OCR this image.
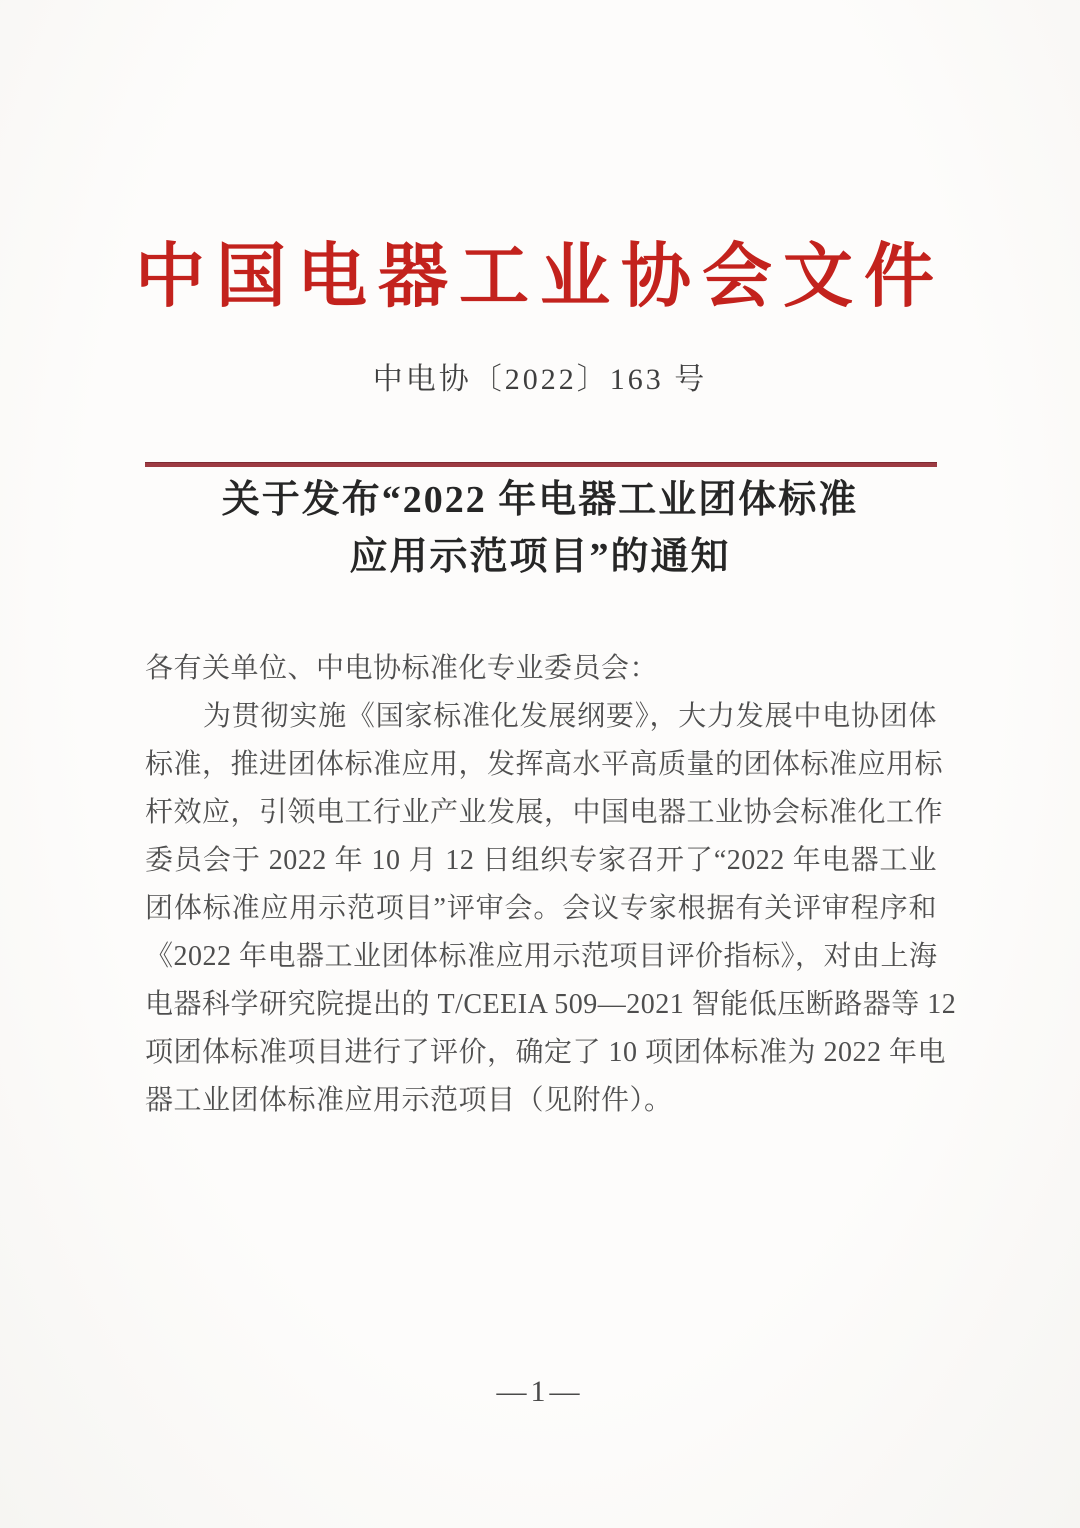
中国电器工业协会文件
中电协〔2022〕163 号
关于发布“2022 年电器工业团体标准
应用示范项目”的通知
各有关单位、中电协标准化专业委员会：
为贯彻实施《国家标准化发展纲要》，大力发展中电协团体
标准，推进团体标准应用，发挥高水平高质量的团体标准应用标
杆效应，引领电工行业产业发展，中国电器工业协会标准化工作
委员会于 2022 年 10 月 12 日组织专家召开了“2022 年电器工业
团体标准应用示范项目”评审会。会议专家根据有关评审程序和
《2022 年电器工业团体标准应用示范项目评价指标》，对由上海
电器科学研究院提出的 T/CEEIA 509—2021 智能低压断路器等 12
项团体标准项目进行了评价，确定了 10 项团体标准为 2022 年电
器工业团体标准应用示范项目（见附件）。
—1—
